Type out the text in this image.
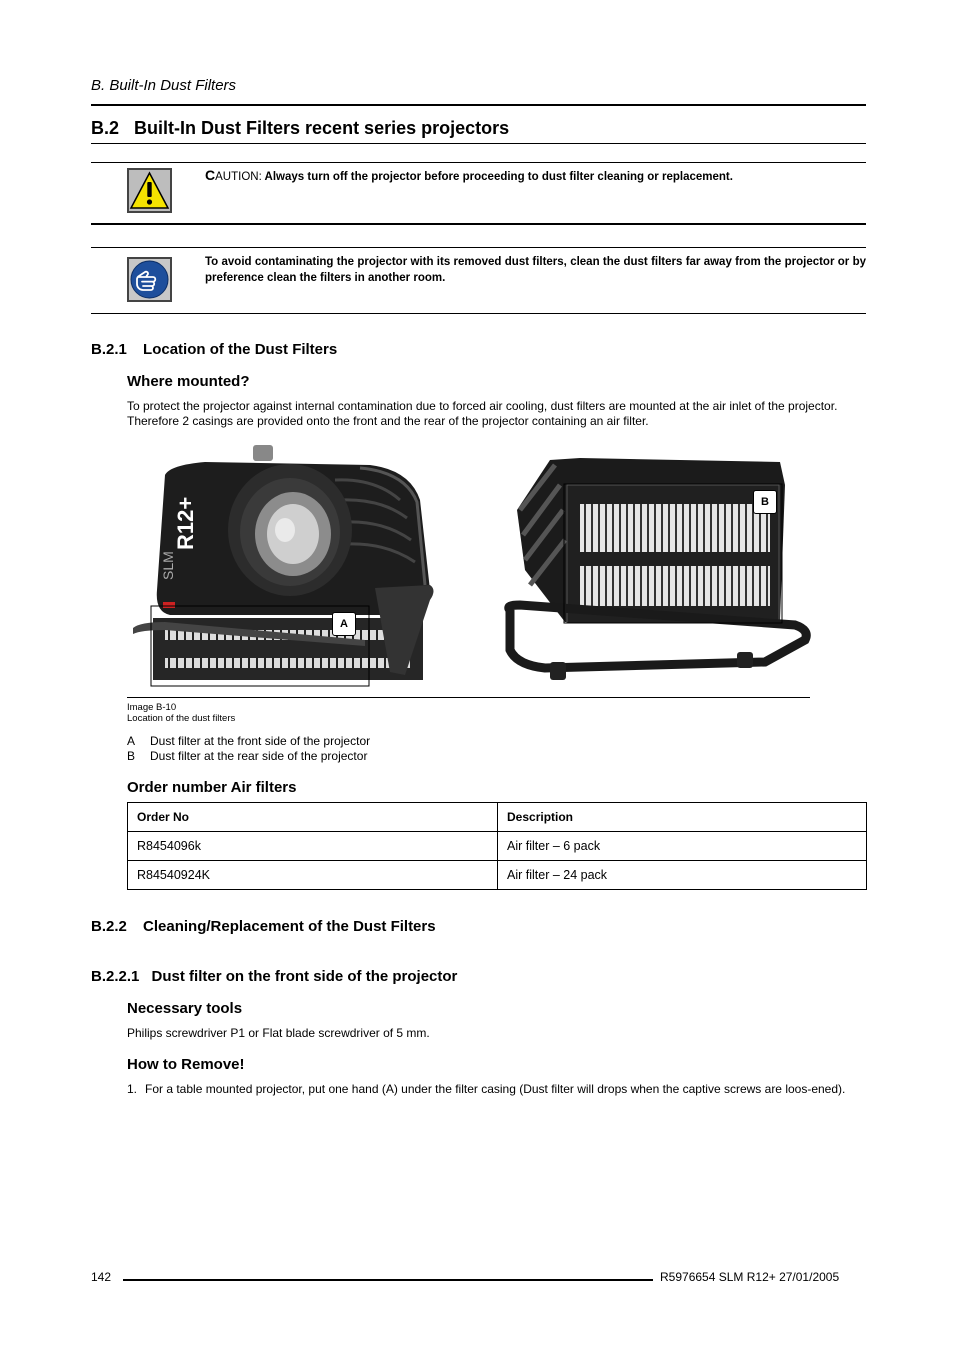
B. Built-In Dust Filters
B.2 Built-In Dust Filters recent series projectors
CAUTION: Always turn off the projector before proceeding to dust filter cleaning or replacement.
To avoid contaminating the projector with its removed dust filters, clean the dust filters far away from the projector or by preference clean the filters in another room.
B.2.1 Location of the Dust Filters
Where mounted?
To protect the projector against internal contamination due to forced air cooling, dust filters are mounted at the air inlet of the projector. Therefore 2 casings are provided onto the front and the rear of the projector containing an air filter.
R12+
SLM
A
B
Image B-10
Location of the dust filters
A Dust filter at the front side of the projector
B Dust filter at the rear side of the projector
Order number Air filters
Order No	Description
R8454096k	Air filter – 6 pack
R84540924K	Air filter – 24 pack
B.2.2 Cleaning/Replacement of the Dust Filters
B.2.2.1 Dust filter on the front side of the projector
Necessary tools
Philips screwdriver P1 or Flat blade screwdriver of 5 mm.
How to Remove!
1. For a table mounted projector, put one hand (A) under the filter casing (Dust filter will drops when the captive screws are loos-ened).
142	R5976654 SLM R12+ 27/01/2005
